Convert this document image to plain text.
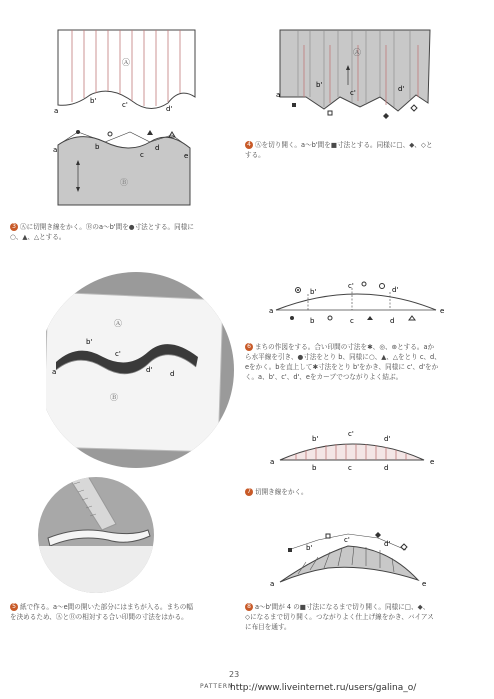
Ⓐ
a
b'	c'	d'
Ⓑ
a	b
c
d
e
3 Ⓐに切開き線をかく。Ⓑのa～b'間を●寸法とする。同様に
○、▲、△とする。
Ⓐ
a
b'
c'	d'
4 Ⓐを切り開く。a～b'間を■寸法とする。同様に□、◆、◇と
する。
Ⓐ
Ⓑ
b'
c'
d'
a	d
5 紙で作る。a～e間の開いた部分にはまちが入る。まちの幅
を決めるため、ⒶとⒷの相対する合い印間の寸法をはかる。
a
b'
c'	d'
b	c	d
e
6 まちの作図をする。合い印間の寸法を✱、◎、⊛とする。aか
ら水平線を引き、●寸法をとり b、同様に○、▲、△をとり c、d、
eをかく。bを直上して✱寸法をとり b'をかき、同様に c'、d'をか
く。a、b'、c'、d'、eをカーブでつながりよく結ぶ。
a
b'
c'
d'
b	c	d
e
7 切開き線をかく。
a
b'
c'	d'
e
8 a～b'間が 4 の■寸法になるまで切り開く。同様に□、◆、
◇になるまで切り開く。つながりよく仕上げ線をかき、バイアス
に布目を通す。
23
PATTERN
http://www.liveinternet.ru/users/galina_o/
